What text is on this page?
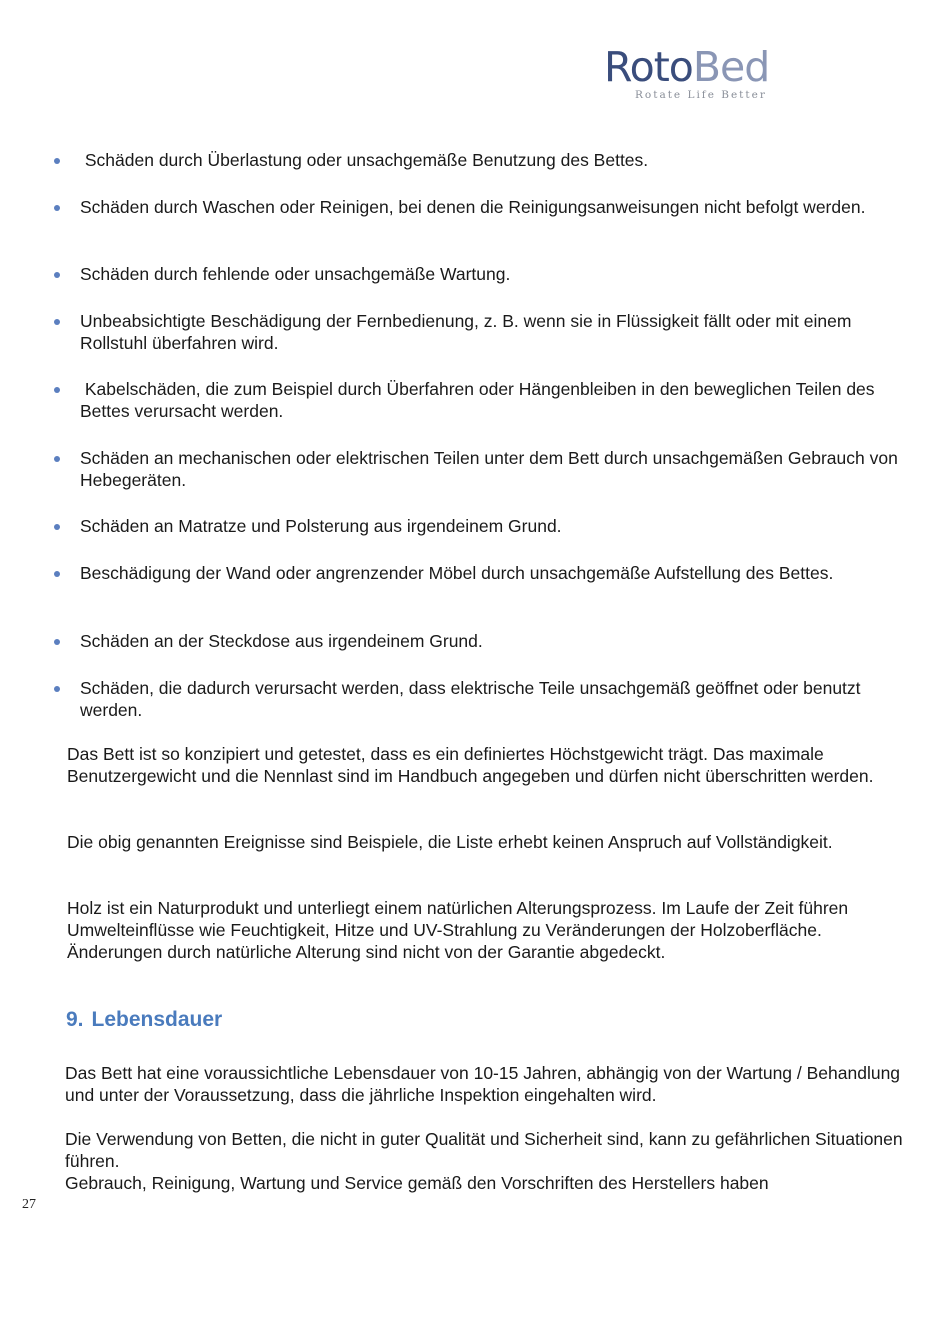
RotoBed
Rotate Life Better
Schäden durch Überlastung oder unsachgemäße Benutzung des Bettes.
Schäden durch Waschen oder Reinigen, bei denen die Reinigungsanweisungen nicht befolgt werden.
Schäden durch fehlende oder unsachgemäße Wartung.
Unbeabsichtigte Beschädigung der Fernbedienung, z. B. wenn sie in Flüssigkeit fällt oder mit einem Rollstuhl überfahren wird.
Kabelschäden, die zum Beispiel durch Überfahren oder Hängenbleiben in den beweglichen Teilen des Bettes verursacht werden.
Schäden an mechanischen oder elektrischen Teilen unter dem Bett durch unsachgemäßen Gebrauch von Hebegeräten.
Schäden an Matratze und Polsterung aus irgendeinem Grund.
Beschädigung der Wand oder angrenzender Möbel durch unsachgemäße Aufstellung des Bettes.
Schäden an der Steckdose aus irgendeinem Grund.
Schäden, die dadurch verursacht werden, dass elektrische Teile unsachgemäß geöffnet oder benutzt werden.

Das Bett ist so konzipiert und getestet, dass es ein definiertes Höchstgewicht trägt. Das maximale Benutzergewicht und die Nennlast sind im Handbuch angegeben und dürfen nicht überschritten werden.

Die obig genannten Ereignisse sind Beispiele, die Liste erhebt keinen Anspruch auf Vollständigkeit.

Holz ist ein Naturprodukt und unterliegt einem natürlichen Alterungsprozess. Im Laufe der Zeit führen Umwelteinflüsse wie Feuchtigkeit, Hitze und UV-Strahlung zu Veränderungen der Holzoberfläche. Änderungen durch natürliche Alterung sind nicht von der Garantie abgedeckt.

9. Lebensdauer

Das Bett hat eine voraussichtliche Lebensdauer von 10-15 Jahren, abhängig von der Wartung / Behandlung und unter der Voraussetzung, dass die jährliche Inspektion eingehalten wird.

Die Verwendung von Betten, die nicht in guter Qualität und Sicherheit sind, kann zu gefährlichen Situationen führen.

Gebrauch, Reinigung, Wartung und Service gemäß den Vorschriften des Herstellers haben

27
